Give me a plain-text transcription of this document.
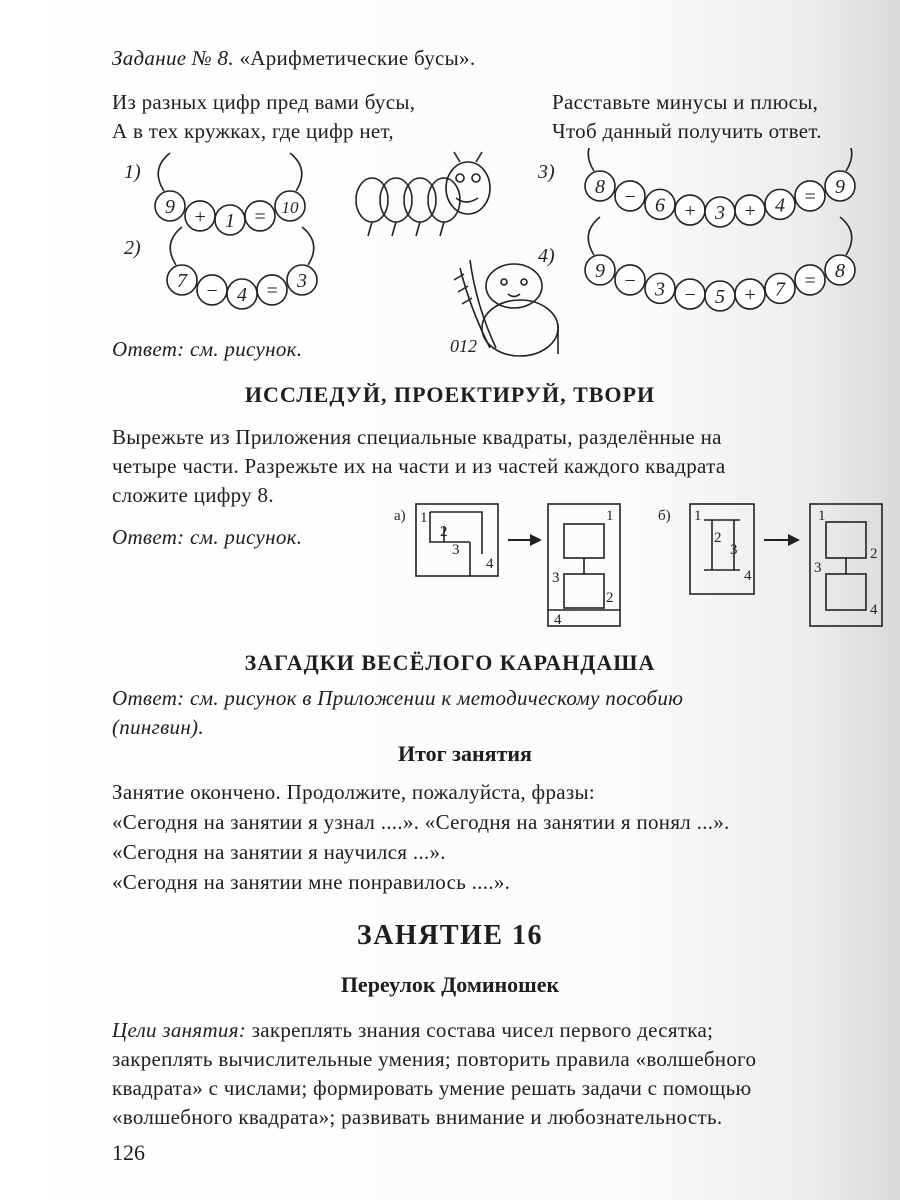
Задание № 8. «Арифметические бусы».
Из разных цифр пред вами бусы,
А в тех кружках, где цифр нет,
Расставьте минусы и плюсы,
Чтоб данный получить ответ.
1)
9 + 1 = 10
2)
7 − 4 = 3
3)
8 − 6 + 3 + 4 = 9
4)
9 − 3 − 5 + 7 = 8
012
Ответ: см. рисунок.
ИССЛЕДУЙ, ПРОЕКТИРУЙ, ТВОРИ
Вырежьте из Приложения специальные квадраты, разделённые на
четыре части. Разрежьте их на части и из частей каждого квадрата
сложите цифру 8.
Ответ: см. рисунок.
а)	б)
1
2
3
4
1
2
3
4
1
2
3
4
1
2
3
4
ЗАГАДКИ ВЕСЁЛОГО КАРАНДАША
Ответ: см. рисунок в Приложении к методическому пособию
(пингвин).
Итог занятия
Занятие окончено. Продолжите, пожалуйста, фразы:
«Сегодня на занятии я узнал ....». «Сегодня на занятии я понял ...».
«Сегодня на занятии я научился ...».
«Сегодня на занятии мне понравилось ....».
ЗАНЯТИЕ 16
Переулок Доминошек
Цели занятия: закреплять знания состава чисел первого десятка;
закреплять вычислительные умения; повторить правила «волшебного
квадрата» с числами; формировать умение решать задачи с помощью
«волшебного квадрата»; развивать внимание и любознательность.
126
